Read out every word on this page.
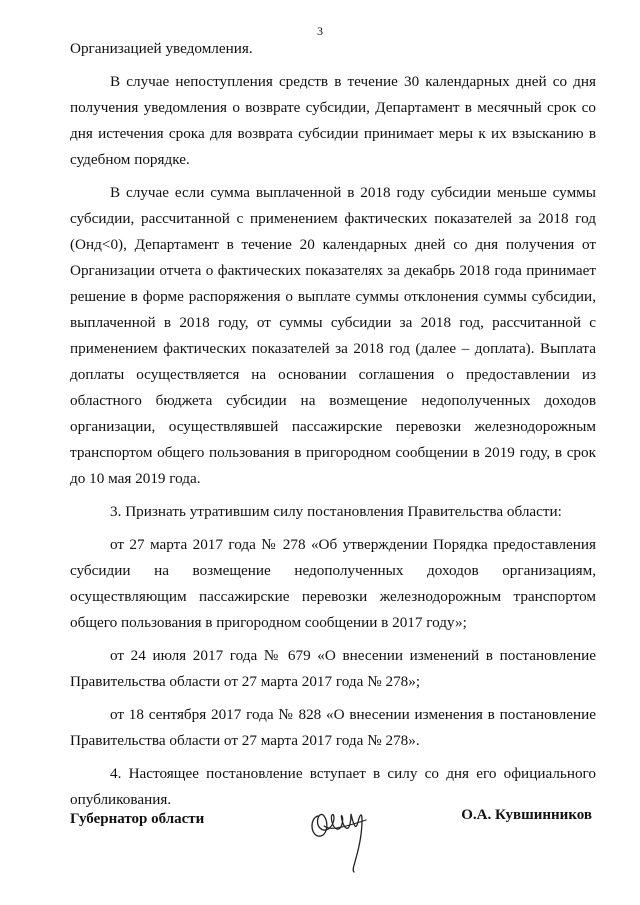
3

Организацией уведомления.

В случае непоступления средств в течение 30 календарных дней со дня получения уведомления о возврате субсидии, Департамент в месячный срок со дня истечения срока для возврата субсидии принимает меры к их взысканию в судебном порядке.

В случае если сумма выплаченной в 2018 году субсидии меньше суммы субсидии, рассчитанной с применением фактических показателей за 2018 год (Онд<0), Департамент в течение 20 календарных дней со дня получения от Организации отчета о фактических показателях за декабрь 2018 года принимает решение в форме распоряжения о выплате суммы отклонения суммы субсидии, выплаченной в 2018 году, от суммы субсидии за 2018 год, рассчитанной с применением фактических показателей за 2018 год (далее – доплата). Выплата доплаты осуществляется на основании соглашения о предоставлении из областного бюджета субсидии на возмещение недополученных доходов организации, осуществлявшей пассажирские перевозки железнодорожным транспортом общего пользования в пригородном сообщении в 2019 году, в срок до 10 мая 2019 года.

3. Признать утратившим силу постановления Правительства области:

от 27 марта 2017 года № 278 «Об утверждении Порядка предоставления субсидии на возмещение недополученных доходов организациям, осуществляющим пассажирские перевозки железнодорожным транспортом общего пользования в пригородном сообщении в 2017 году»;

от 24 июля 2017 года № 679 «О внесении изменений в постановление Правительства области от 27 марта 2017 года № 278»;

от 18 сентября 2017 года № 828 «О внесении изменения в постановление Правительства области от 27 марта 2017 года № 278».

4. Настоящее постановление вступает в силу со дня его официального опубликования.

Губернатор области	О.А. Кувшинников
